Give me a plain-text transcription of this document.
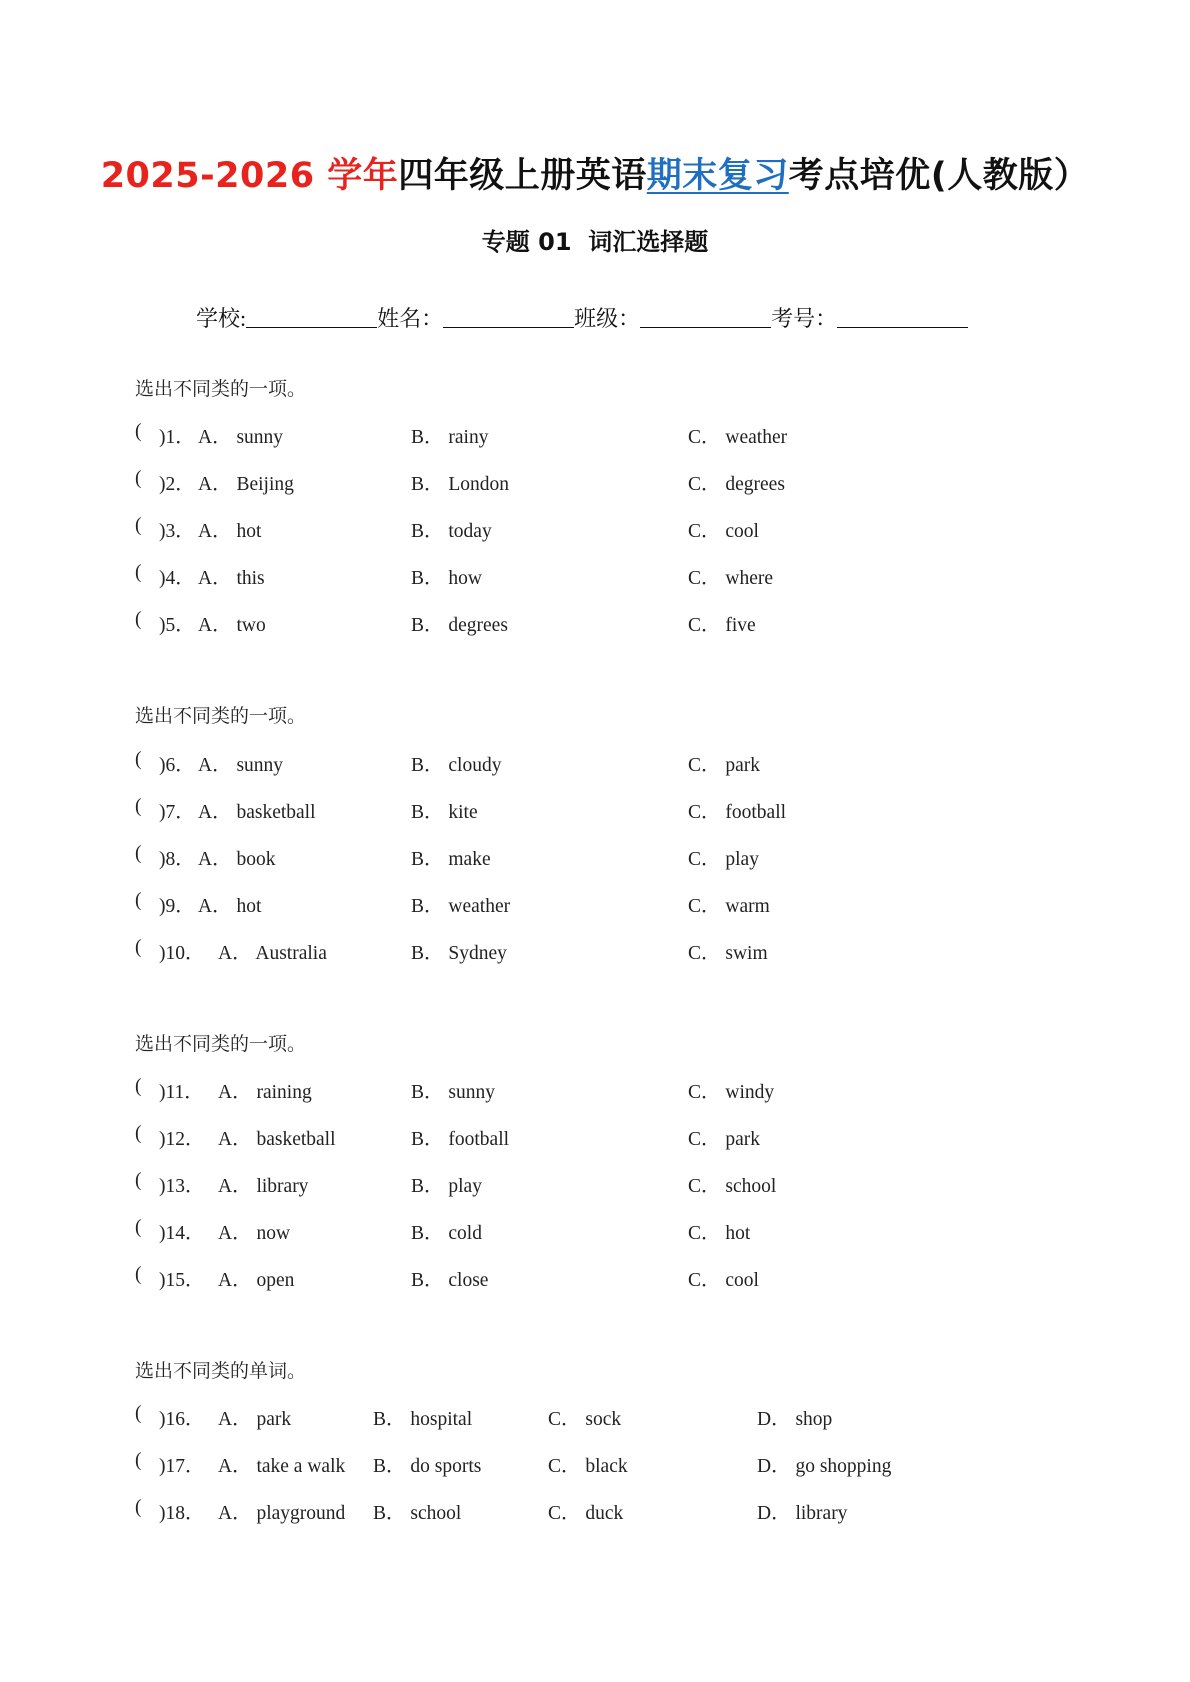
2025-2026 学年四年级上册英语期末复习考点培优(人教版）
专题 01  词汇选择题
学校:	姓名：	班级：	考号：
选出不同类的一项。
( )1． A． sunny	B． rainy	C． weather
( )2． A． Beijing	B． London	C． degrees
( )3． A． hot	B． today	C． cool
( )4． A． this	B． how	C． where
( )5． A． two	B． degrees	C． five
选出不同类的一项。
( )6． A． sunny	B． cloudy	C． park
( )7． A． basketball	B． kite	C． football
( )8． A． book	B． make	C． play
( )9． A． hot	B． weather	C． warm
( )10． A． Australia	B． Sydney	C． swim
选出不同类的一项。
( )11． A． raining	B． sunny	C． windy
( )12． A． basketball	B． football	C． park
( )13． A． library	B． play	C． school
( )14． A． now	B． cold	C． hot
( )15． A． open	B． close	C． cool
选出不同类的单词。
( )16． A． park	B． hospital	C． sock	D． shop
( )17． A． take a walk B． do sports	C． black	D． go shopping
( )18． A． playground B． school	C． duck	D． library
